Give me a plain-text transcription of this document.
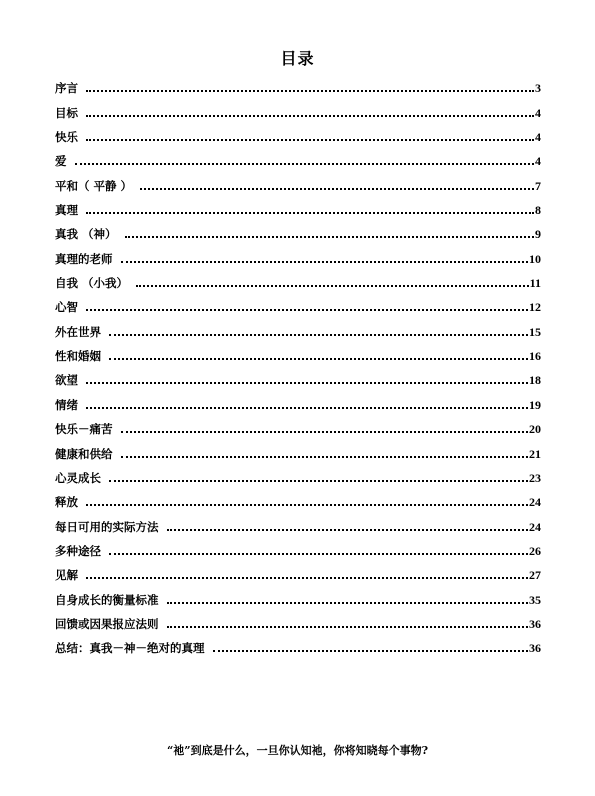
目录
序言	3
目标	4
快乐	4
爱	4
平和（ 平静 ）	7
真理	8
真我 （神）	9
真理的老师	10
自我 （小我）	11
心智	12
外在世界	15
性和婚姻	16
欲望	18
情绪	19
快乐－痛苦	20
健康和供给	21
心灵成长	23
释放	24
每日可用的实际方法	24
多种途径	26
见解	27
自身成长的衡量标准	35
回馈或因果报应法则	36
总结：真我－神－绝对的真理	36
“祂”到底是什么，一旦你认知祂，你将知晓每个事物?
